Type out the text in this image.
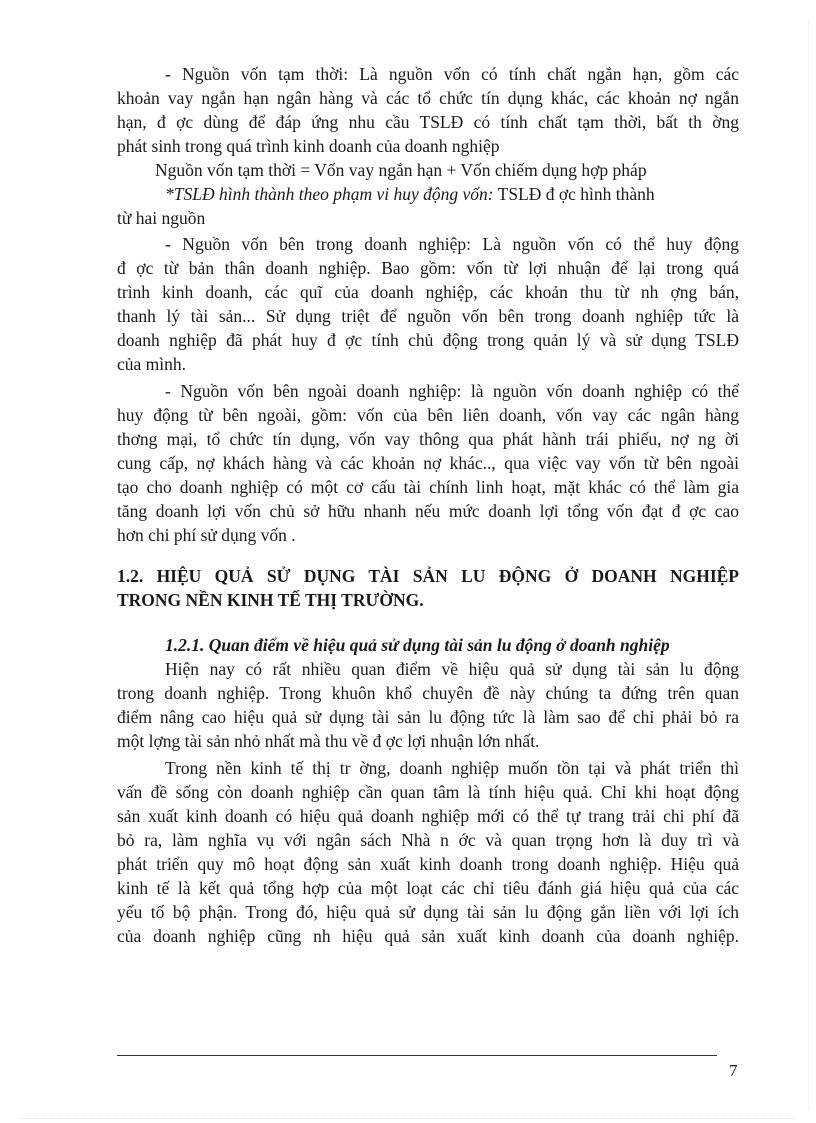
- Nguồn vốn tạm thời: Là nguồn vốn có tính chất ngắn hạn, gồm các
khoản vay ngắn hạn ngân hàng và các tổ chức tín dụng khác, các khoản nợ ngắn
hạn, đ ợc dùng để đáp ứng nhu cầu TSLĐ có tính chất tạm thời, bất th ờng
phát sinh trong quá trình kinh doanh của doanh nghiệp
Nguồn vốn tạm thời = Vốn vay ngắn hạn + Vốn chiếm dụng hợp pháp
*TSLĐ hình thành theo phạm vi huy động vốn: TSLĐ đ ợc hình thành
từ hai nguồn
- Nguồn vốn bên trong doanh nghiệp: Là nguồn vốn có thể huy động
đ ợc từ bản thân doanh nghiệp. Bao gồm: vốn từ lợi nhuận để lại trong quá
trình kinh doanh, các quĩ của doanh nghiệp, các khoản thu từ nh ợng bán,
thanh lý tài sản... Sử dụng triệt để nguồn vốn bên trong doanh nghiệp tức là
doanh nghiệp đã phát huy đ ợc tính chủ động trong quản lý và sử dụng TSLĐ
của mình.
- Nguồn vốn bên ngoài doanh nghiệp: là nguồn vốn doanh nghiệp có thể
huy động từ bên ngoài, gồm: vốn của bên liên doanh, vốn vay các ngân hàng
thơng mại, tổ chức tín dụng, vốn vay thông qua phát hành trái phiếu, nợ ng ời
cung cấp, nợ khách hàng và các khoản nợ khác.., qua việc vay vốn từ bên ngoài
tạo cho doanh nghiệp có một cơ cấu tài chính linh hoạt, mặt khác có thể làm gia
tăng doanh lợi vốn chủ sở hữu nhanh nếu mức doanh lợi tổng vốn đạt đ ợc cao
hơn chi phí sử dụng vốn .
1.2. HIỆU QUẢ SỬ DỤNG TÀI SẢN LU ĐỘNG Ở DOANH NGHIỆP
TRONG NỀN KINH TẾ THỊ TRƯỜNG.
1.2.1. Quan điểm về hiệu quả sử dụng tài sản lu động ở doanh nghiệp
Hiện nay có rất nhiều quan điểm về hiệu quả sử dụng tài sản lu động
trong doanh nghiệp. Trong khuôn khổ chuyên đề này chúng ta đứng trên quan
điểm nâng cao hiệu quả sử dụng tài sản lu động tức là làm sao để chỉ phải bỏ ra
một lợng tài sản nhỏ nhất mà thu về đ ợc lợi nhuận lớn nhất.
Trong nền kinh tế thị tr ờng, doanh nghiệp muốn tồn tại và phát triển thì
vấn đề sống còn doanh nghiệp cần quan tâm là tính hiệu quả. Chỉ khi hoạt động
sản xuất kinh doanh có hiệu quả doanh nghiệp mới có thể tự trang trải chi phí đã
bỏ ra, làm nghĩa vụ với ngân sách Nhà n ớc và quan trọng hơn là duy trì và
phát triển quy mô hoạt động sản xuất kinh doanh trong doanh nghiệp. Hiệu quả
kinh tế là kết quả tổng hợp của một loạt các chỉ tiêu đánh giá hiệu quả của các
yếu tố bộ phận. Trong đó, hiệu quả sử dụng tài sản lu động gắn liền với lợi ích
của doanh nghiệp cũng nh hiệu quả sản xuất kinh doanh của doanh nghiệp.
7
